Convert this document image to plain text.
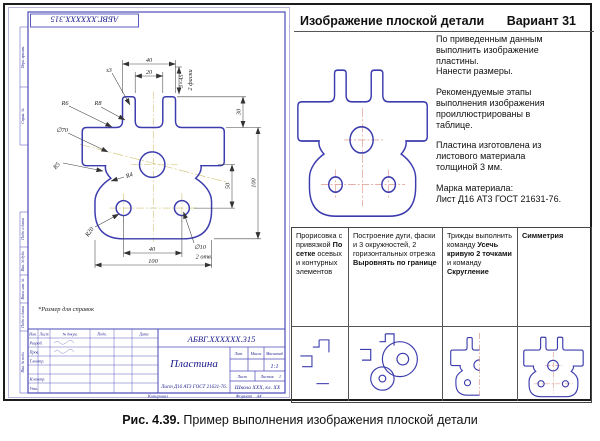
Перв. примен.
Справ. №
Подп. и дата
Инв. № дубл.
Взам. инв. №
Подп. и дата
Инв. № подл.
АБВГ.XXXXXX.315
40
20	3×45° 2 фаски
s3
R6	R8
∅70
R5
R4
R20
40
100
∅10
2 отв.
30
100
50
*Размер для справок
АБВГ.XXXXXX.315
Пластина
Лист Д16 АТ3 ГОСТ 21631-76. Школа XXX, кл. XX
Изм. Лист	№ докум.	Подп.	Дата
Разраб.
Пров.
Т.контр.
Н.контр.
Утв.
Лит. Масса Масштаб
1:1
Лист	Листов 1
Копировал	Формат А4
Изображение плоской детали Вариант 31

По приведенным данным выполнить изображение пластины.

Нанести размеры.

Рекомендуемые этапы выполнения изображения проиллюстрированы в таблице.

Пластина изготовлена из листового материала толщиной 3 мм.

Марка материала:

Лист Д16 АТ3 ГОСТ 21631-76.

Прорисовка с привязкой По сетке осевых и контурных элементов
Построение дуги, фаски и 3 окружностей, 2 горизонтальных отрезка Выровнять по границе
Трижды выполнить команду Усечь кривую 2 точками и команду Скругление
Симметрия
Рис. 4.39. Пример выполнения изображения плоской детали
